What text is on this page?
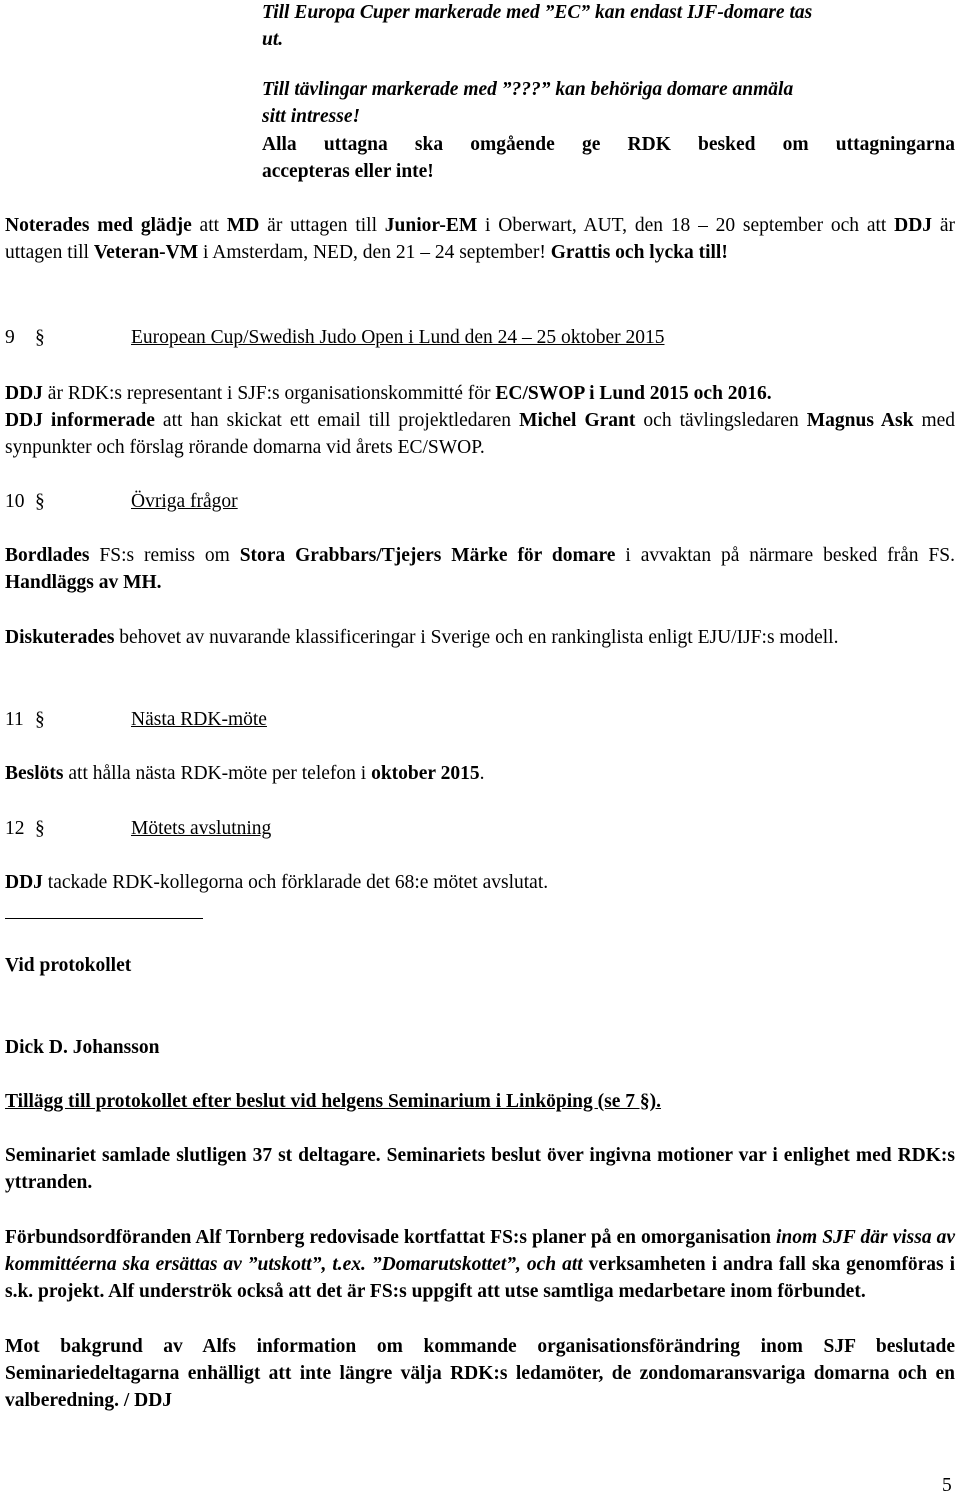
Till Europa Cuper markerade med ”EC” kan endast IJF-domare tas
ut.

Till tävlingar markerade med ”???” kan behöriga domare anmäla
sitt intresse!

Alla uttagna ska omgående ge RDK besked om uttagningarna
accepteras eller inte!

Noterades med glädje att MD är uttagen till Junior-EM i Oberwart, AUT, den 18 – 20 september och att DDJ är uttagen till Veteran-VM i Amsterdam, NED, den 21 – 24 september! Grattis och lycka till!

9 §	European Cup/Swedish Judo Open i Lund den 24 – 25 oktober 2015

DDJ är RDK:s representant i SJF:s organisationskommitté för EC/SWOP i Lund 2015 och 2016.
DDJ informerade att han skickat ett email till projektledaren Michel Grant och tävlingsledaren Magnus Ask med synpunkter och förslag rörande domarna vid årets EC/SWOP.

10 §	Övriga frågor

Bordlades FS:s remiss om Stora Grabbars/Tjejers Märke för domare i avvaktan på närmare besked från FS. Handläggs av MH.

Diskuterades behovet av nuvarande klassificeringar i Sverige och en rankinglista enligt EJU/IJF:s modell.

11 §	Nästa RDK-möte

Beslöts att hålla nästa RDK-möte per telefon i oktober 2015.

12 §	Mötets avslutning

DDJ tackade RDK-kollegorna och förklarade det 68:e mötet avslutat.

Vid protokollet

Dick D. Johansson

Tillägg till protokollet efter beslut vid helgens Seminarium i Linköping (se 7 §).

Seminariet samlade slutligen 37 st deltagare. Seminariets beslut över ingivna motioner var i enlighet med RDK:s yttranden.

Förbundsordföranden Alf Tornberg redovisade kortfattat FS:s planer på en omorganisation inom SJF där vissa av kommittéerna ska ersättas av ”utskott”, t.ex. ”Domarutskottet”, och att verksamheten i andra fall ska genomföras i s.k. projekt. Alf underströk också att det är FS:s uppgift att utse samtliga medarbetare inom förbundet.

Mot bakgrund av Alfs information om kommande organisationsförändring inom SJF beslutade Seminariedeltagarna enhälligt att inte längre välja RDK:s ledamöter, de zondomaransvariga domarna och en valberedning. / DDJ

5
